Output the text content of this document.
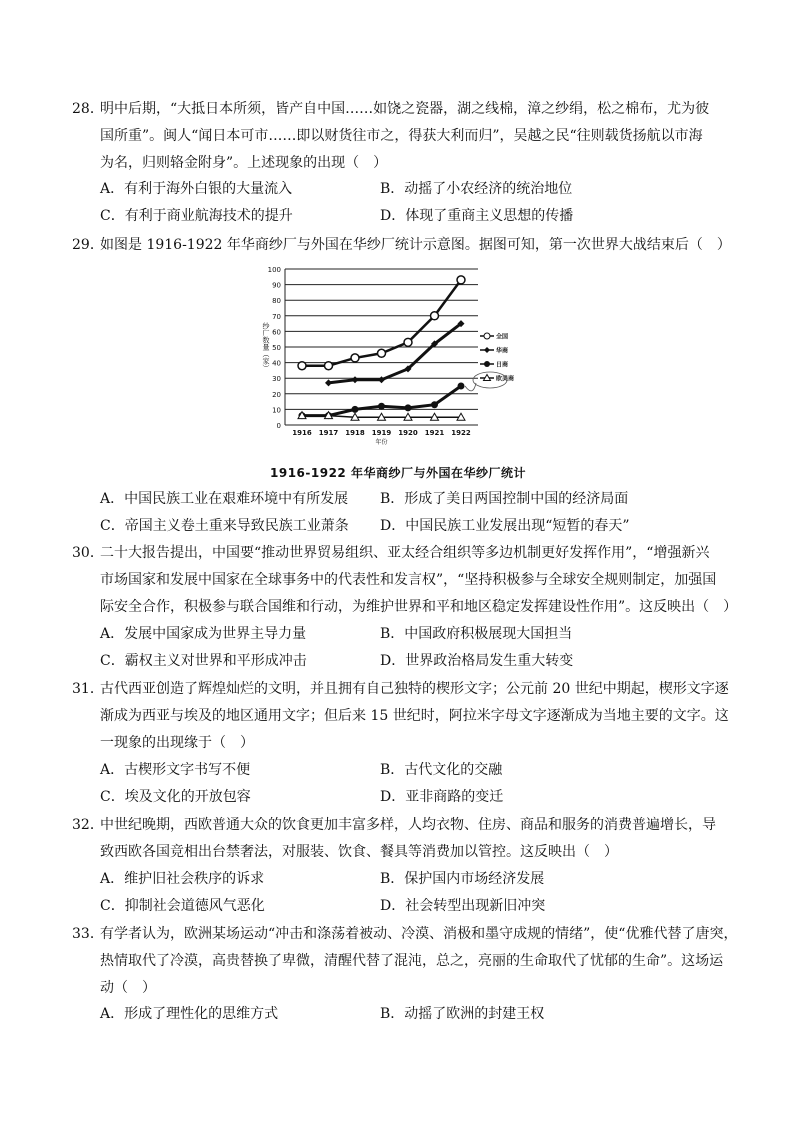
28．
明中后期，“大抵日本所须，皆产自中国……如饶之瓷器，湖之线棉，漳之纱绢，松之棉布，尤为彼
国所重”。闽人“闻日本可市……即以财货往市之，得获大利而归”，吴越之民“往则载货扬航以市海
为名，归则辂金附身”。上述现象的出现（　）
A．有利于海外白银的大量流入	B．动摇了小农经济的统治地位
C．有利于商业航海技术的提升	D．体现了重商主义思想的传播
29．
如图是 1916-1922 年华商纱厂与外国在华纱厂统计示意图。据图可知，第一次世界大战结束后（　）
A．中国民族工业在艰难环境中有所发展 B．形成了美日两国控制中国的经济局面
C．帝国主义卷土重来导致民族工业萧条 D．中国民族工业发展出现“短暂的春天”
30．
二十大报告提出，中国要“推动世界贸易组织、亚太经合组织等多边机制更好发挥作用”，“增强新兴
市场国家和发展中国家在全球事务中的代表性和发言权”，“坚持积极参与全球安全规则制定，加强国
际安全合作，积极参与联合国维和行动，为维护世界和平和地区稳定发挥建设性作用”。这反映出（　）
A．发展中国家成为世界主导力量	B．中国政府积极展现大国担当
C．霸权主义对世界和平形成冲击	D．世界政治格局发生重大转变
31．
古代西亚创造了辉煌灿烂的文明，并且拥有自己独特的楔形文字；公元前 20 世纪中期起，楔形文字逐
渐成为西亚与埃及的地区通用文字；但后来 15 世纪时，阿拉米字母文字逐渐成为当地主要的文字。这
一现象的出现缘于（　）
A．古楔形文字书写不便	B．古代文化的交融
C．埃及文化的开放包容	D．亚非商路的变迁
32．
中世纪晚期，西欧普通大众的饮食更加丰富多样，人均衣物、住房、商品和服务的消费普遍增长，导
致西欧各国竞相出台禁奢法，对服装、饮食、餐具等消费加以管控。这反映出（　）
A．维护旧社会秩序的诉求	B．保护国内市场经济发展
C．抑制社会道德风气恶化	D．社会转型出现新旧冲突
33．
有学者认为，欧洲某场运动“冲击和涤荡着被动、冷漠、消极和墨守成规的情绪”，使“优雅代替了唐突，
热情取代了冷漠，高贵替换了卑微，清醒代替了混沌，总之，亮丽的生命取代了忧郁的生命”。这场运
动（　）
A．形成了理性化的思维方式	B．动摇了欧洲的封建王权
0
10
20
30
40
50
60
70
80
90
100
1916 1917 1918 1919 1920 1921 1922
年份
纱厂数量（家）	全国
华商
日商
欧美商
1916-1922 年华商纱厂与外国在华纱厂统计
